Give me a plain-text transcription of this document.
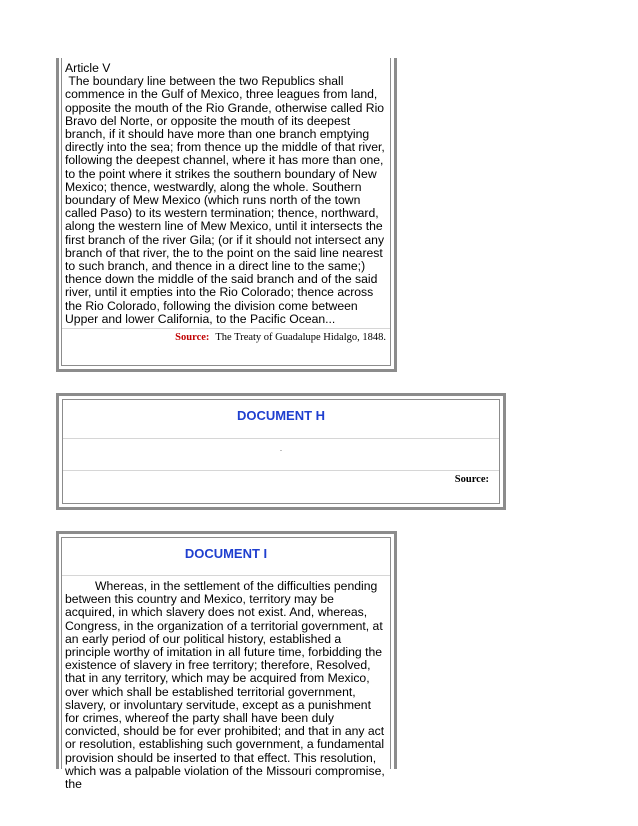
Article V
The boundary line between the two Republics shall commence in the Gulf of Mexico, three leagues from land, opposite the mouth of the Rio Grande, otherwise called Rio Bravo del Norte, or opposite the mouth of its deepest branch, if it should have more than one branch emptying directly into the sea; from thence up the middle of that river, following the deepest channel, where it has more than one, to the point where it strikes the southern boundary of New Mexico; thence, westwardly, along the whole. Southern boundary of Mew Mexico (which runs north of the town called Paso) to its western termination; thence, northward, along the western line of Mew Mexico, until it intersects the first branch of the river Gila; (or if it should not intersect any branch of that river, the to the point on the said line nearest to such branch, and thence in a direct line to the same;) thence down the middle of the said branch and of the said river, until it empties into the Rio Colorado; thence across the Rio Colorado, following the division come between Upper and lower California, to the Pacific Ocean...
Source: The Treaty of Guadalupe Hidalgo, 1848.
DOCUMENT H
.
Source:
DOCUMENT I
Whereas, in the settlement of the difficulties pending between this country and Mexico, territory may be acquired, in which slavery does not exist. And, whereas, Congress, in the organization of a territorial government, at an early period of our political history, established a principle worthy of imitation in all future time, forbidding the existence of slavery in free territory; therefore, Resolved, that in any territory, which may be acquired from Mexico, over which shall be established territorial government, slavery, or involuntary servitude, except as a punishment for crimes, whereof the party shall have been duly convicted, should be for ever prohibited; and that in any act or resolution, establishing such government, a fundamental provision should be inserted to that effect. This resolution, which was a palpable violation of the Missouri compromise, the
